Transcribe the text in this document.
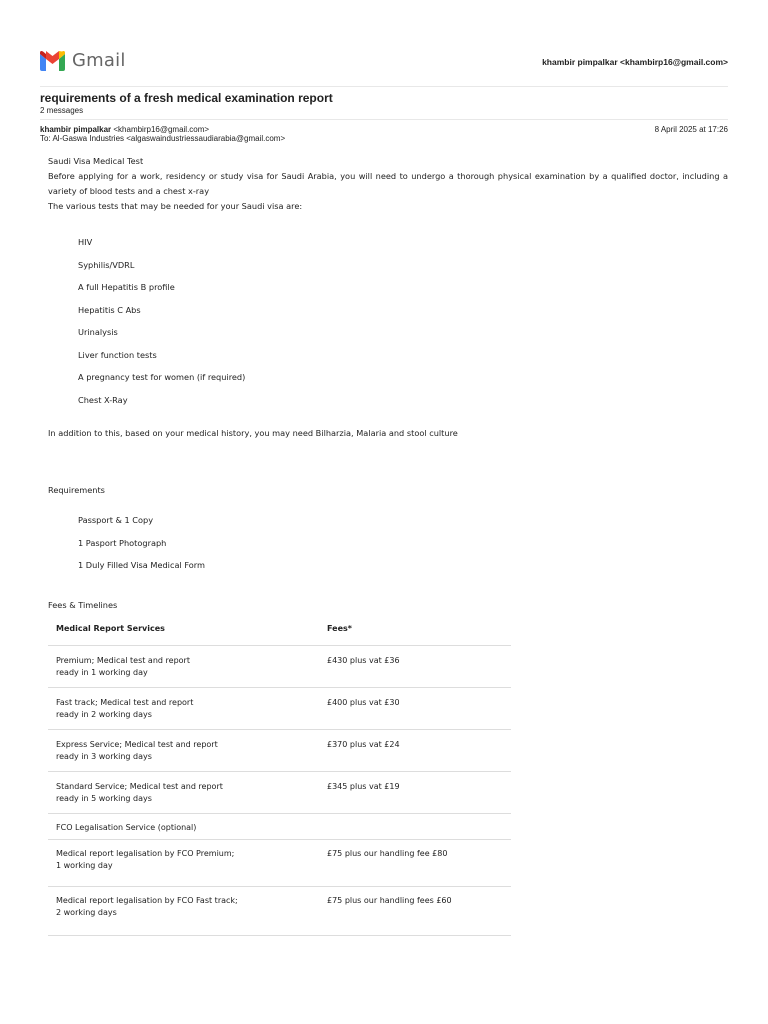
Gmail	khambir pimpalkar <khambirp16@gmail.com>
requirements of a fresh medical examination report
2 messages
khambir pimpalkar <khambirp16@gmail.com>
To: Al-Gaswa Industries <algaswaindustriessaudiarabia@gmail.com>
8 April 2025 at 17:26

Saudi Visa Medical Test

Before applying for a work, residency or study visa for Saudi Arabia, you will need to undergo a thorough physical examination by a qualified doctor, including a variety of blood tests and a chest x-ray

The various tests that may be needed for your Saudi visa are:

HIV
Syphilis/VDRL
A full Hepatitis B profile
Hepatitis C Abs
Urinalysis
Liver function tests
A pregnancy test for women (if required)
Chest X-Ray
In addition to this, based on your medical history, you may need Bilharzia, Malaria and stool culture
Requirements
Passport & 1 Copy
1 Pasport Photograph
1 Duly Filled Visa Medical Form
Fees & Timelines
Medical Report Services	Fees*
Premium; Medical test and report
ready in 1 working day	£430 plus vat £36
Fast track; Medical test and report
ready in 2 working days	£400 plus vat £30
Express Service; Medical test and report
ready in 3 working days	£370 plus vat £24
Standard Service; Medical test and report
ready in 5 working days	£345 plus vat £19
FCO Legalisation Service (optional)	
Medical report legalisation by FCO Premium;
1 working day	£75 plus our handling fee £80
Medical report legalisation by FCO Fast track;
2 working days	£75 plus our handling fees £60
